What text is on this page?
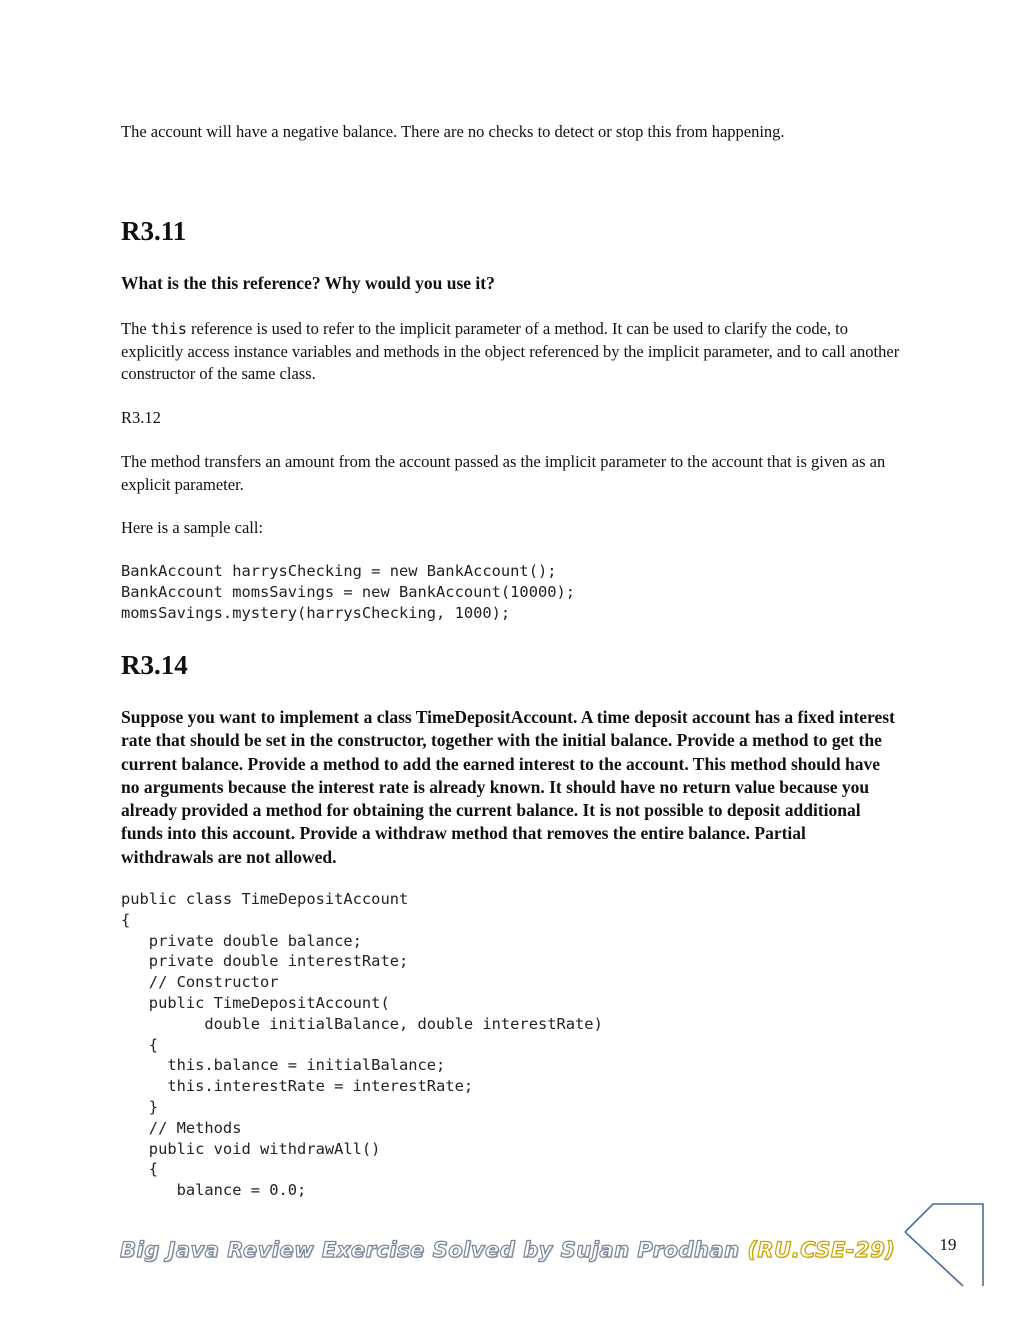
The account will have a negative balance. There are no checks to detect or stop this from happening.

R3.11

What is the this reference? Why would you use it?

The this reference is used to refer to the implicit parameter of a method. It can be used to clarify the code, to explicitly access instance variables and methods in the object referenced by the implicit parameter, and to call another constructor of the same class.

R3.12

The method transfers an amount from the account passed as the implicit parameter to the account that is given as an explicit parameter.

Here is a sample call:

BankAccount harrysChecking = new BankAccount();
BankAccount momsSavings = new BankAccount(10000);
momsSavings.mystery(harrysChecking, 1000);
R3.14

Suppose you want to implement a class TimeDepositAccount. A time deposit account has a fixed interest rate that should be set in the constructor, together with the initial balance. Provide a method to get the current balance. Provide a method to add the earned interest to the account. This method should have no arguments because the interest rate is already known. It should have no return value because you already provided a method for obtaining the current balance. It is not possible to deposit additional funds into this account. Provide a withdraw method that removes the entire balance. Partial withdrawals are not allowed.

public class TimeDepositAccount
{
private double balance;
private double interestRate;
// Constructor
public TimeDepositAccount(
double initialBalance, double interestRate)
{
this.balance = initialBalance;
this.interestRate = interestRate;
}
// Methods
public void withdrawAll()
{
balance = 0.0;
Big Java Review Exercise Solved by Sujan Prodhan (RU.CSE-29)	19
